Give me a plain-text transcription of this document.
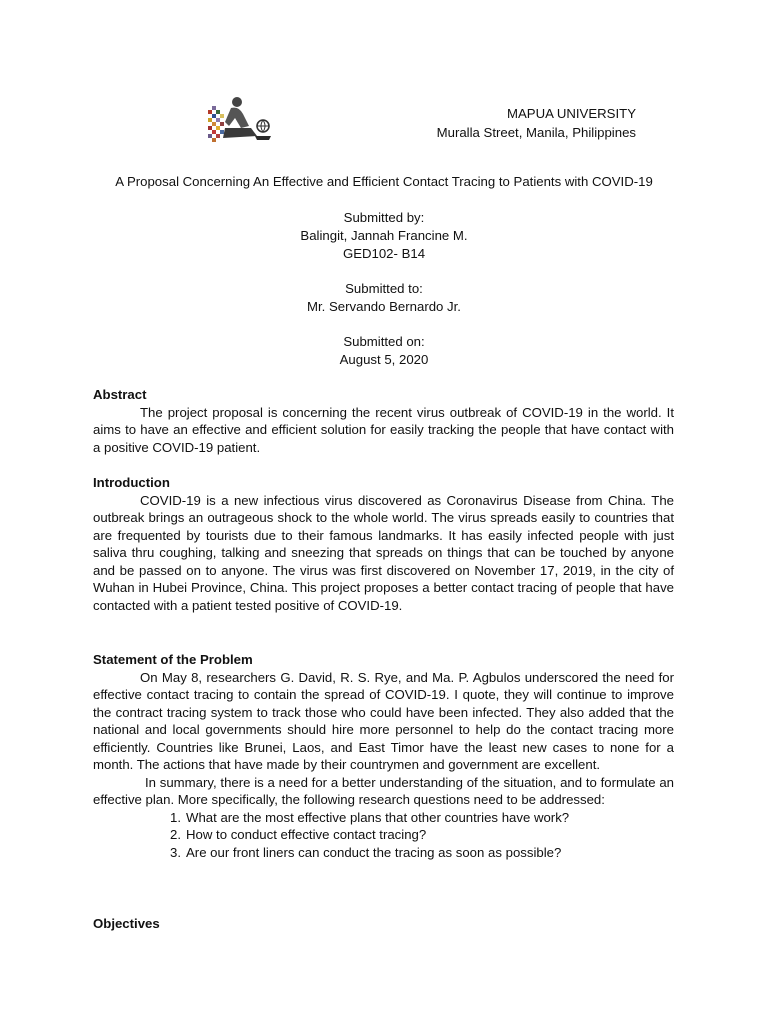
MAPUA UNIVERSITY
Muralla Street, Manila, Philippines
A Proposal Concerning An Effective and Efficient Contact Tracing to Patients with COVID-19
Submitted by:
Balingit, Jannah Francine M.
GED102- B14
Submitted to:
Mr. Servando Bernardo Jr.
Submitted on:
August 5, 2020
Abstract

The project proposal is concerning the recent virus outbreak of COVID-19 in the world. It aims to have an effective and efficient solution for easily tracking the people that have contact with a positive COVID-19 patient.

Introduction

COVID-19 is a new infectious virus discovered as Coronavirus Disease from China. The outbreak brings an outrageous shock to the whole world. The virus spreads easily to countries that are frequented by tourists due to their famous landmarks. It has easily infected people with just saliva thru coughing, talking and sneezing that spreads on things that can be touched by anyone and be passed on to anyone. The virus was first discovered on November 17, 2019, in the city of Wuhan in Hubei Province, China. This project proposes a better contact tracing of people that have contacted with a patient tested positive of COVID-19.

Statement of the Problem

On May 8, researchers G. David, R. S. Rye, and Ma. P. Agbulos underscored the need for effective contact tracing to contain the spread of COVID-19. I quote, they will continue to improve the contract tracing system to track those who could have been infected. They also added that the national and local governments should hire more personnel to help do the contact tracing more efficiently. Countries like Brunei, Laos, and East Timor have the least new cases to none for a month. The actions that have made by their countrymen and government are excellent.

In summary, there is a need for a better understanding of the situation, and to formulate an effective plan. More specifically, the following research questions need to be addressed:

1. What are the most effective plans that other countries have work?
2. How to conduct effective contact tracing?
3. Are our front liners can conduct the tracing as soon as possible?
Objectives
